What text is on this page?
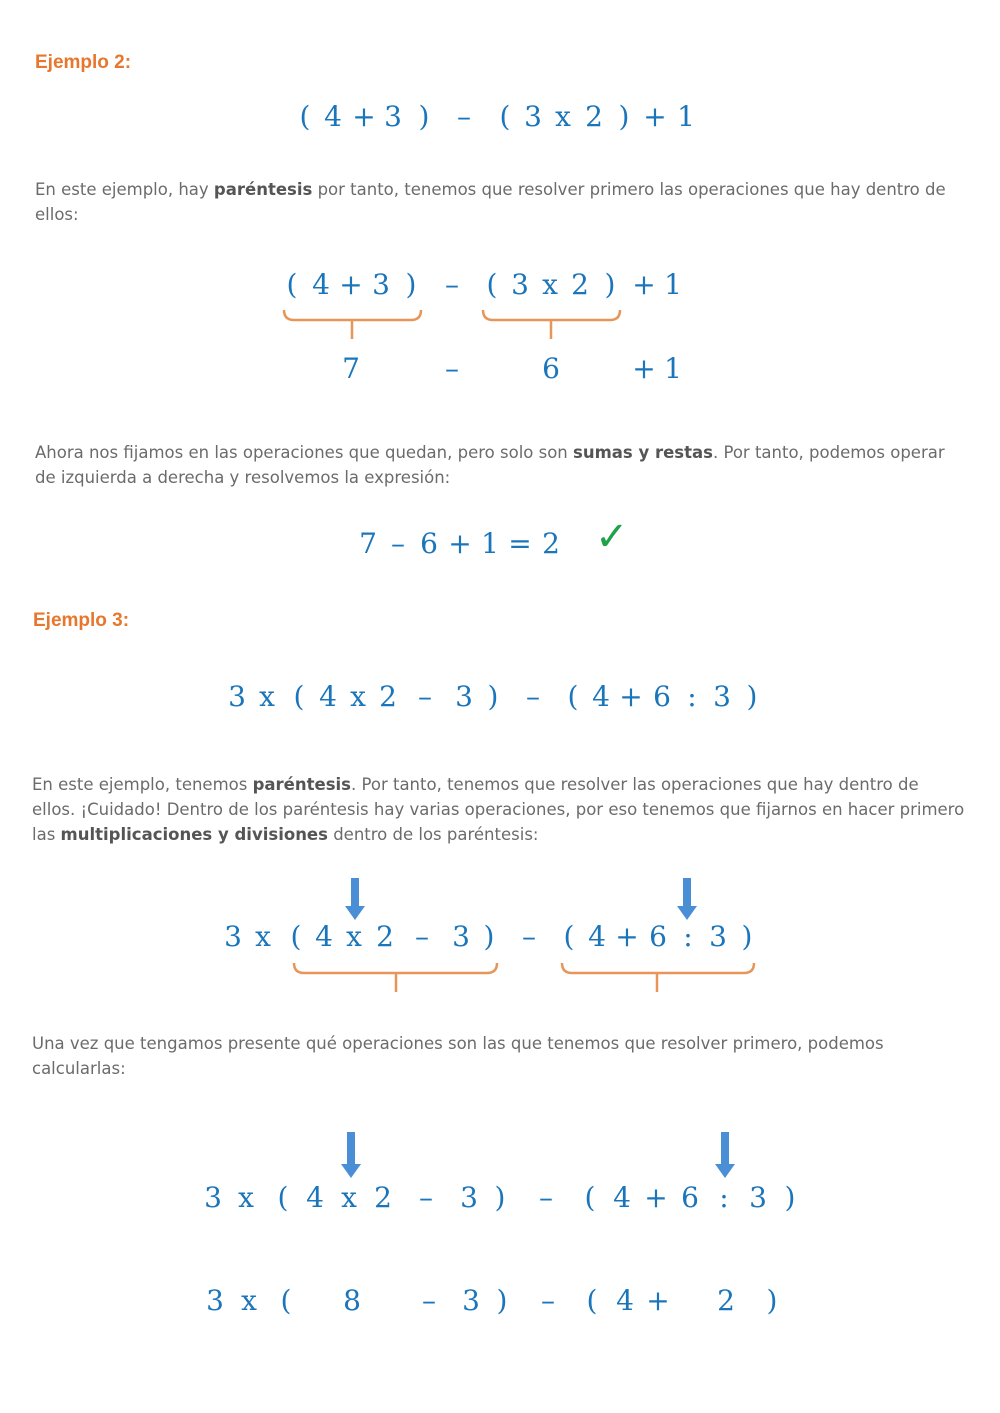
Ejemplo 2:
( 4 + 3 ) –	( 3 x 2 ) + 1
En este ejemplo, hay paréntesis por tanto, tenemos que resolver primero las operaciones que hay dentro de ellos:
( 4 + 3 )	– ( 3 x 2 ) + 1
7	–	6	+ 1
Ahora nos fijamos en las operaciones que quedan, pero solo son sumas y restas. Por tanto, podemos operar de izquierda a derecha y resolvemos la expresión:
7 – 6 + 1 = 2 ✓
Ejemplo 3:
3 x ( 4 x 2 – 3 ) – ( 4 + 6 : 3 )
En este ejemplo, tenemos paréntesis. Por tanto, tenemos que resolver las operaciones que hay dentro de ellos. ¡Cuidado! Dentro de los paréntesis hay varias operaciones, por eso tenemos que fijarnos en hacer primero las multiplicaciones y divisiones dentro de los paréntesis:
3 x ( 4 x 2 – 3 ) – ( 4 + 6 : 3 )
Una vez que tengamos presente qué operaciones son las que tenemos que resolver primero, podemos calcularlas:
3 x ( 4 x 2 – 3 )	–	( 4 + 6 : 3 )
3 x (	8 – 3 )	–	( 4 + 2	)
